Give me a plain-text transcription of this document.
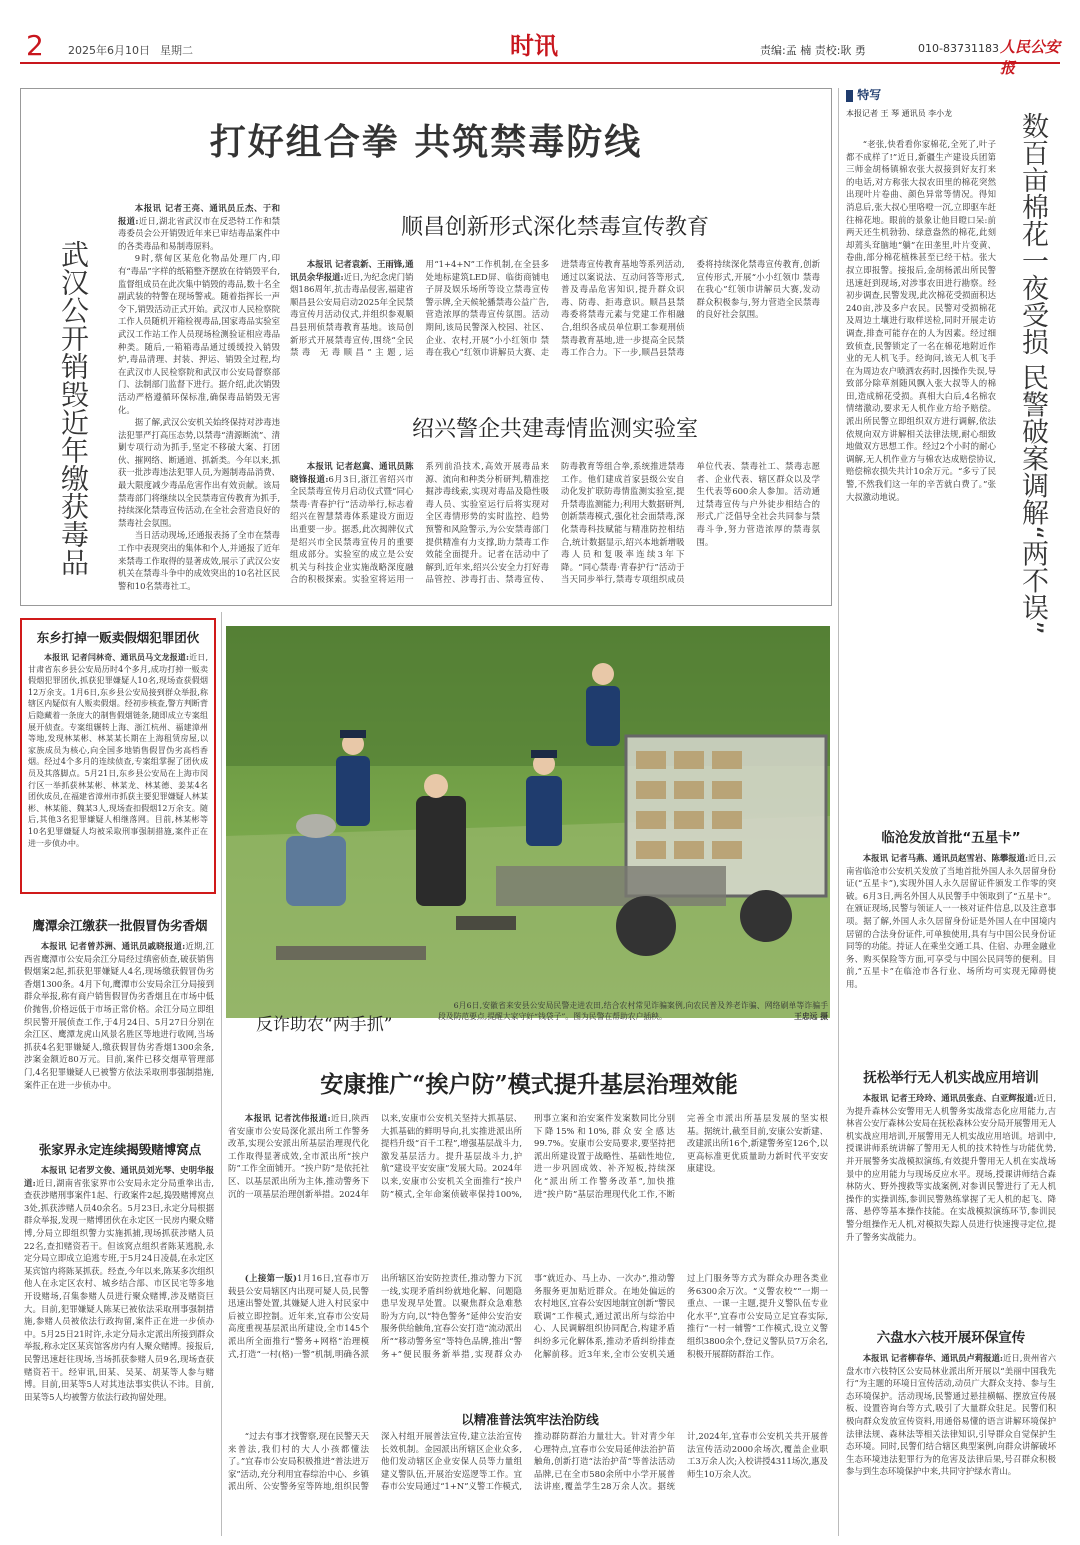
2 2025年6月10日 星期二	时讯	责编:孟 楠 责校:耿 勇	010-83731183 人民公安报
打好组合拳 共筑禁毒防线
武汉公开销毁近年缴获毒品

本报讯 记者王亮、通讯员丘杰、于和报道:近日,湖北省武汉市在反恐特工作和禁毒委员会公开销毁近年来已审结毒品案件中的各类毒品和易制毒原料。

9时,蔡甸区某危化物品处理厂内,印有“毒品”字样的纸箱整齐摆放在待销毁平台,监督组成员在此次集中销毁的毒品,数十名全副武装的特警在现场警戒。随着指挥长一声令下,销毁活动正式开始。武汉市人民检察院工作人员随机开箱检视毒品,国家毒品实验室武汉工作站工作人员现场检测验证相应毒品种类。随后,一箱箱毒品通过缓缓投入销毁炉,毒品清理、封装、押运、销毁全过程,均在武汉市人民检察院和武汉市公安局督察部门、法制部门监督下进行。据介绍,此次销毁活动严格遵循环保标准,确保毒品销毁无害化。

据了解,武汉公安机关始终保持对涉毒违法犯罪严打高压态势,以禁毒“清源断流”、清剿专项行动为抓手,坚定不移破大案、打团伙、摧网络、断通道、抓新类。今年以来,抓获一批涉毒违法犯罪人员,为遏制毒品消费、最大限度减少毒品危害作出有效贡献。该局禁毒部门将继续以全民禁毒宣传教育为抓手,持续深化禁毒宣传活动,在全社会营造良好的禁毒社会氛围。

当日活动现场,还通报表扬了全市在禁毒工作中表现突出的集体和个人,并通报了近年来禁毒工作取得的显著成效,展示了武汉公安机关在禁毒斗争中的成效突出的10名社区民警和10名禁毒社工。

顺昌创新形式深化禁毒宣传教育

本报讯 记者袁新、王雨锋,通讯员余华报道:近日,为纪念虎门销烟186周年,抗击毒品侵害,福建省顺昌县公安局启动2025年全民禁毒宣传月活动仪式,并组织参观顺昌县刑侦禁毒教育基地。该局创新形式开展禁毒宣传,围绕“全民禁毒 无毒顺昌”主题,运用“1+4+N”工作机制,在全县多处地标建筑LED屏、临街商铺电子屏及娱乐场所等设立禁毒宣传警示牌,全天候轮播禁毒公益广告,营造浓厚的禁毒宣传氛围。活动期间,该局民警深入校园、社区、企业、农村,开展“小小红领巾 禁毒在我心”红领巾讲解员大赛、走进禁毒宣传教育基地等系列活动,通过以案说法、互动问答等形式,普及毒品危害知识,提升群众识毒、防毒、拒毒意识。顺昌县禁毒委将禁毒元素与党建工作相融合,组织各成员单位职工参观刑侦禁毒教育基地,进一步提高全民禁毒工作合力。下一步,顺昌县禁毒委将持续深化禁毒宣传教育,创新宣传形式,开展“小小红领巾 禁毒在我心”红领巾讲解员大赛,发动群众积极参与,努力营造全民禁毒的良好社会氛围。

绍兴警企共建毒情监测实验室

本报讯 记者赵冀、通讯员陈晓锋报道:6月3日,浙江省绍兴市全民禁毒宣传月启动仪式暨“同心禁毒·青春护行”活动举行,标志着绍兴在智慧禁毒体系建设方面迈出重要一步。据悉,此次揭牌仪式是绍兴市全民禁毒宣传月的重要组成部分。实验室的成立是公安机关与科技企业实施战略深度融合的积极探索。实验室将运用一系列前沿技术,高效开展毒品来源、流向和种类分析研判,精准挖掘涉毒线索,实现对毒品及隐性吸毒人员、实验室运行后将实现对全区毒情形势的实时监控、趋势预警和风险警示,为公安禁毒部门提供精准有力支撑,助力禁毒工作效能全面提升。记者在活动中了解到,近年来,绍兴公安全力打好毒品管控、涉毒打击、禁毒宣传、防毒教育等组合拳,系统推进禁毒工作。他们建成首家县级公安自动化发扩联防毒情监测实验室,提升禁毒监测能力;利用大数据研判,创新禁毒模式,强化社会面禁毒,深化禁毒科技赋能与精准防控相结合,统计数据显示,绍兴本地新增吸毒人员和复吸率连续3年下降。“同心禁毒·青春护行”活动于当天同步举行,禁毒专项组织成员单位代表、禁毒社工、禁毒志愿者、企业代表、辖区群众以及学生代表等600余人参加。活动通过禁毒宣传与户外徒步相结合的形式,广泛倡导全社会共同参与禁毒斗争,努力营造浓厚的禁毒氛围。

东乡打掉一贩卖假烟犯罪团伙

本报讯 记者闫林奇、通讯员马文龙报道:近日,甘肃省东乡县公安局历时4个多月,成功打掉一贩卖假烟犯罪团伙,抓获犯罪嫌疑人10名,现场查获假烟12万余支。1月6日,东乡县公安局接到群众举报,称辖区内疑似有人贩卖假烟。经初步核查,警方判断背后隐藏着一条庞大的制售假烟链条,随即成立专案组展开侦查。专案组辗转上海、浙江杭州、福建漳州等地,发现林某彬、林某某长期在上海租赁房屋,以家族成员为核心,向全国多地销售假冒伪劣高档香烟。经过4个多月的连续侦查,专案组掌握了团伙成员及其落脚点。5月21日,东乡县公安局在上海市闵行区一举抓获林某彬、林某龙、林某德、姜某4名团伙成员,在福建省漳州市抓获主要犯罪嫌疑人林某彬、林某能、魏某3人,现场查扣假烟12万余支。随后,其他3名犯罪嫌疑人相继落网。目前,林某彬等10名犯罪嫌疑人均被采取刑事强制措施,案件正在进一步侦办中。

鹰潭余江缴获一批假冒伪劣香烟

本报讯 记者曾苏洲、通讯员戚晓报道:近期,江西省鹰潭市公安局余江分局经过缜密侦查,破获销售假烟案2起,抓获犯罪嫌疑人4名,现场缴获假冒伪劣香烟1300条。4月下旬,鹰潭市公安局余江分局接到群众举报,称有商户销售假冒伪劣香烟且在市场中低价抛售,价格远低于市场正常价格。余江分局立即组织民警开展侦查工作,于4月24日、5月27日分别在余江区、鹰潭龙虎山风景名胜区等地进行收网,当场抓获4名犯罪嫌疑人,缴获假冒伪劣香烟1300余条,涉案金额近80万元。目前,案件已移交烟草管理部门,4名犯罪嫌疑人已被警方依法采取刑事强制措施,案件正在进一步侦办中。

张家界永定连续揭毁赌博窝点

本报讯 记者罗文俊、通讯员刘光琴、史明华报道:近日,湖南省张家界市公安局永定分局重拳出击,查获涉赌刑事案件1起、行政案件2起,捣毁赌博窝点3处,抓获涉赌人员40余名。5月23日,永定分局根据群众举报,发现一赌博团伙在永定区一民房内聚众赌博,分局立即组织警力实施抓捕,现场抓获涉赌人员22名,查扣赌资若干。但该窝点组织者陈某逃脱,永定分局立即成立追逃专班,于5月24日凌晨,在永定区某宾馆内将陈某抓获。经查,今年以来,陈某多次组织他人在永定区农村、城乡结合部、市区民宅等多地开设赌场,召集参赌人员进行聚众赌博,涉及赌资巨大。目前,犯罪嫌疑人陈某已被依法采取刑事强制措施,参赌人员被依法行政拘留,案件正在进一步侦办中。5月25日21时许,永定分局永定派出所接到群众举报,称永定区某宾馆客房内有人聚众赌博。接报后,民警迅速赶往现场,当场抓获参赌人员9名,现场查获赌资若干。经审讯,田某、吴某、胡某等人参与赌博。目前,田某等5人对其违法事实供认不讳。目前,田某等5人均被警方依法行政拘留处理。

反诈助农“两手抓”

6月6日,安徽省来安县公安局民警走进农田,结合农村常见诈骗案例,向农民普及养老诈骗、网络刷单等诈骗手段及防范要点,提醒大家守好“钱袋子”。图为民警在帮助农户插秧。	王忠远 摄

安康推广“挨户防”模式提升基层治理效能

本报讯 记者沈伟报道:近日,陕西省安康市公安局深化派出所工作警务改革,实现公安派出所基层治理现代化工作取得显著成效,全市派出所“挨户防”工作全面铺开。“挨户防”是依托社区、以基层派出所为主体,推动警务下沉的一项基层治理创新举措。2024年以来,安康市公安机关坚持大抓基层、大抓基础的鲜明导向,扎实推进派出所提档升级“百千工程”,增强基层战斗力,激发基层活力。提升基层战斗力,护航“建设平安安康”发展大局。2024年以来,安康市公安机关全面推行“挨户防”模式,全年命案侦破率保持100%,刑事立案和治安案件发案数同比分别下降15%和10%,群众安全感达99.7%。安康市公安局要求,要坚持把派出所建设置于战略性、基础性地位,进一步巩固成效、补齐短板,持续深化“派出所工作警务改革”,加快推进“挨户防”基层治理现代化工作,不断完善全市派出所基层发展的坚实根基。据统计,截至目前,安康公安新建、改建派出所16个,新建警务室126个,以更高标准更优质量助力新时代平安安康建设。

(上接第一版)1月16日,宜春市万载县公安局辖区内出现可疑人员,民警迅速出警处置,其嫌疑人进入村民家中后被立即控制。近年来,宜春市公安局高度重视基层派出所建设,全市145个派出所全面推行“警务+网格”治理模式,打造“一村(格)一警”机制,明确各派出所辖区治安防控责任,推动警力下沉一线,实现矛盾纠纷就地化解、问题隐患早发现早处置。以聚焦群众急难愁盼为方向,以“特色警务”延伸公安治安服务供给触角,宜春公安打造“流动派出所”“移动警务室”等特色品牌,推出“警务+”便民服务新举措,实现群众办事“就近办、马上办、一次办”,推动警务服务更加贴近群众。在地处偏远的农村地区,宜春公安因地制宜创新“警民联调”工作模式,通过派出所与综治中心、人民调解组织协同配合,构建矛盾纠纷多元化解体系,推动矛盾纠纷排查化解前移。近3年来,全市公安机关通过上门服务等方式为群众办理各类业务6300余万次。“义警农校”“一期一重点、一课一主题,提升义警队伍专业化水平”,宜春市公安局立足宜春实际,推行“一村一辅警”工作模式,设立义警组织3800余个,登记义警队员7万余名,积极开展群防群治工作。

以精准普法筑牢法治防线

“过去有事才找警察,现在民警天天来普法,我们村的大人小孩都懂法了。”宜春市公安局积极推进“普法进万家”活动,充分利用宜春综治中心、乡镇派出所、公安警务室等阵地,组织民警深入村组开展普法宣传,建立法治宣传长效机制。金园派出所辖区企业众多,他们发动辖区企业安保人员等力量组建义警队伍,开展治安巡逻等工作。宜春市公安局通过“1+N”义警工作模式,推动群防群治力量壮大。针对青少年心理特点,宜春市公安局延伸法治护苗触角,创新打造“法治护苗”等普法活动品牌,已在全市580余所中小学开展普法讲座,覆盖学生28万余人次。据统计,2024年,宜春市公安机关共开展普法宣传活动2000余场次,覆盖企业职工3万余人次;入校讲授4311场次,惠及师生10万余人次。

特写
本报记者 王 琴 通讯员 李小龙	数百亩棉花一夜受损 民警破案调解“两不误”

“老张,快看看你家棉花,全死了,叶子都不成样了!”近日,新疆生产建设兵团第三师金胡杨镇棉农张大叔接到好友打来的电话,对方称张大叔农田里的棉花突然出现叶片卷曲、颜色异常等情况。得知消息后,张大叔心里咯噔一沉,立即驱车赶往棉花地。眼前的景象让他目瞪口呆:前两天还生机勃勃、绿意盎然的棉花,此刻却蔫头耷脑地“躺”在田垄里,叶片变黄、卷曲,部分棉花植株甚至已经干枯。张大叔立即报警。接报后,金胡杨派出所民警迅速赶到现场,对涉事农田进行勘察。经初步调查,民警发现,此次棉花受损面积达240亩,涉及多户农民。民警对受损棉花及周边土壤进行取样送检,同时开展走访调查,排查可能存在的人为因素。经过细致侦查,民警锁定了一名在棉花地附近作业的无人机飞手。经询问,该无人机飞手在为周边农户喷洒农药时,因操作失误,导致部分除草剂随风飘入张大叔等人的棉田,造成棉花受损。真相大白后,4名棉农情绪激动,要求无人机作业方给予赔偿。派出所民警立即组织双方进行调解,依法依规向双方讲解相关法律法规,耐心细致地做双方思想工作。经过2个小时的耐心调解,无人机作业方与棉农达成赔偿协议,赔偿棉农损失共计10余万元。“多亏了民警,不然我们这一年的辛苦就白费了。”张大叔激动地说。

临沧发放首批“五星卡”

本报讯 记者马燕、通讯员赵雪岩、陈攀报道:近日,云南省临沧市公安机关发放了当地首批外国人永久居留身份证(“五星卡”),实现外国人永久居留证件颁发工作零的突破。6月3日,两名外国人从民警手中领取到了“五星卡”。在颁证现场,民警与领证人一一核对证件信息,以及注意事项。据了解,外国人永久居留身份证是外国人在中国境内居留的合法身份证件,可单独使用,具有与中国公民身份证同等的功能。持证人在乘坐交通工具、住宿、办理金融业务、购买保险等方面,可享受与中国公民同等的便利。目前,“五星卡”在临沧市各行业、场所均可实现无障碍使用。

抚松举行无人机实战应用培训

本报讯 记者王玲玲、通讯员张垚、白亚辉报道:近日,为提升森林公安警用无人机警务实战常态化应用能力,吉林省公安厅森林公安局在抚松森林公安分局开展警用无人机实战应用培训,开展警用无人机实战应用培训。培训中,授课讲师系统讲解了警用无人机的技术特性与功能优势,并开展警务实战模拟演练,有效提升警用无人机在实战场景中的应用能力与现场反应水平。现场,授课讲师结合森林防火、野外搜救等实战案例,对参训民警进行了无人机操作的实操训练,参训民警熟练掌握了无人机的起飞、降落、悬停等基本操作技能。在实战模拟演练环节,参训民警分组操作无人机,对模拟失踪人员进行快速搜寻定位,提升了警务实战能力。

六盘水六枝开展环保宣传

本报讯 记者柳春华、通讯员卢莉报道:近日,贵州省六盘水市六枝特区公安局林业派出所开展以“美丽中国我先行”为主题的环境日宣传活动,动员广大群众支持、参与生态环境保护。活动现场,民警通过悬挂横幅、摆放宣传展板、设置咨询台等方式,吸引了大量群众驻足。民警们积极向群众发放宣传资料,用通俗易懂的语言讲解环境保护法律法规、森林法等相关法律知识,引导群众自觉保护生态环境。同时,民警们结合辖区典型案例,向群众讲解破坏生态环境违法犯罪行为的危害及法律后果,号召群众积极参与到生态环境保护中来,共同守护绿水青山。
